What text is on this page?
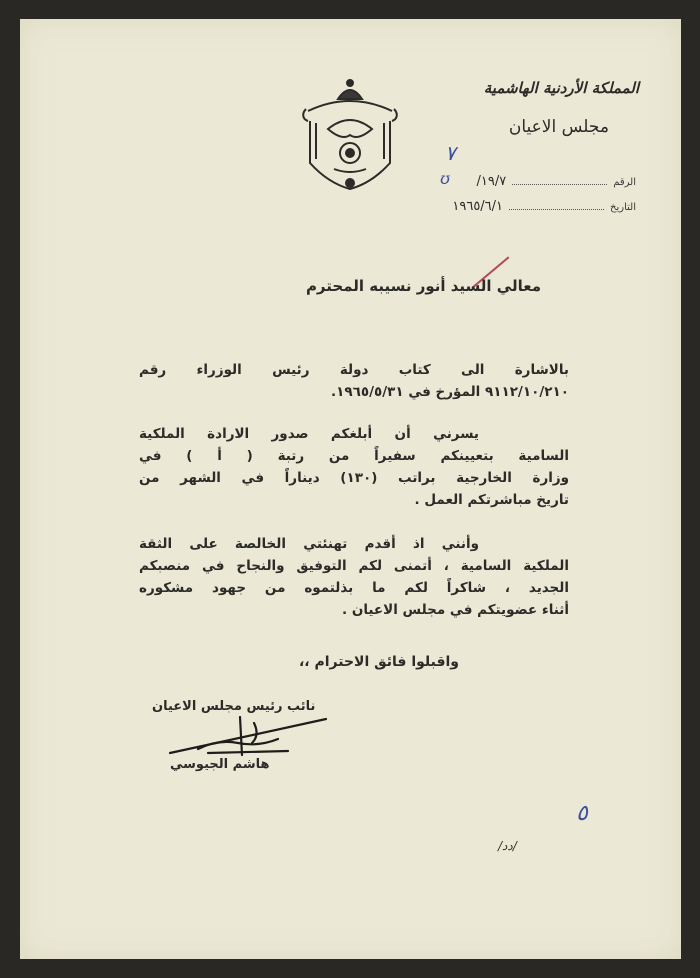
المملكة الأردنية الهاشمية
مجلس الاعيان
٧
ʊ	الرقم
١٩/٧/
التاريخ
١٩٦٥/٦/١
معالي السيد أنور نسيبه المحترم
بالاشارة الى كتاب دولة رئيس الوزراء رقم
٩١١٢/١٠/٢١٠ المؤرخ في ١٩٦٥/٥/٣١.
يسرني أن أبلغكم صدور الارادة الملكية
السامية بتعيينكم سفيراً من رتبة ( أ ) في
وزارة الخارجية براتب (١٣٠) ديناراً في الشهر من
تاريخ مباشرتكم العمل .
وأنني اذ أقدم تهنئتي الخالصة على الثقة
الملكية السامية ، أتمنى لكم التوفيق والنجاح في منصبكم
الجديد ، شاكراً لكم ما بذلتموه من جهود مشكوره
أثناء عضويتكم في مجلس الاعيان .
واقبلوا فائق الاحترام ،،
نائب رئيس مجلس الاعيان
هاشم الجيوسي
٥
/دد/
